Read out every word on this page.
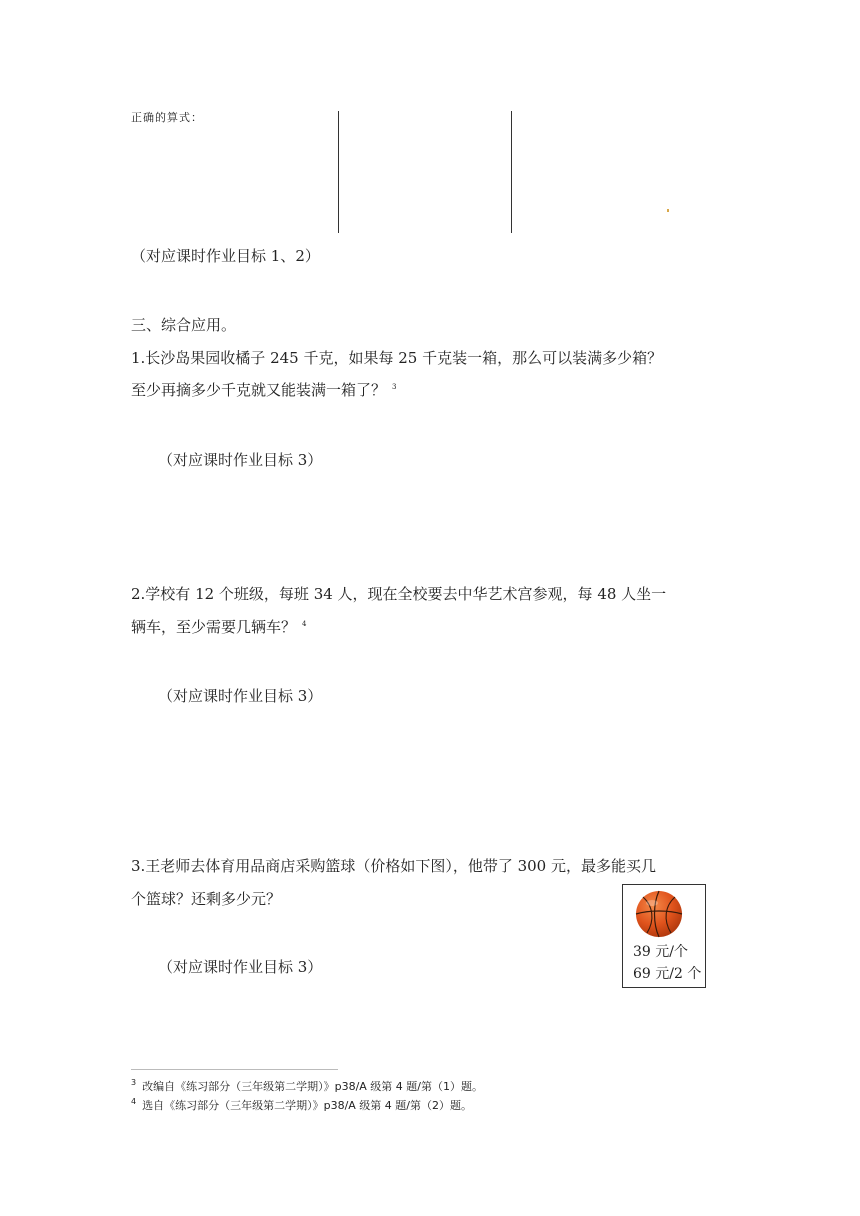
正确的算式：
（对应课时作业目标 1、2）
三、综合应用。
1.长沙岛果园收橘子 245 千克，如果每 25 千克装一箱，那么可以装满多少箱？
至少再摘多少千克就又能装满一箱了？ $^3$
（对应课时作业目标 3）
2.学校有 12 个班级，每班 34 人，现在全校要去中华艺术宫参观，每 48 人坐一
辆车，至少需要几辆车？ $^4$
（对应课时作业目标 3）
3.王老师去体育用品商店采购篮球（价格如下图），他带了 300 元，最多能买几
个篮球？还剩多少元？
（对应课时作业目标 3）
39 元/个
69 元/2 个
$^3$ 改编自《练习部分（三年级第二学期）》p38/A 级第 4 题/第（1）题。
$^4$ 选自《练习部分（三年级第二学期）》p38/A 级第 4 题/第（2）题。
